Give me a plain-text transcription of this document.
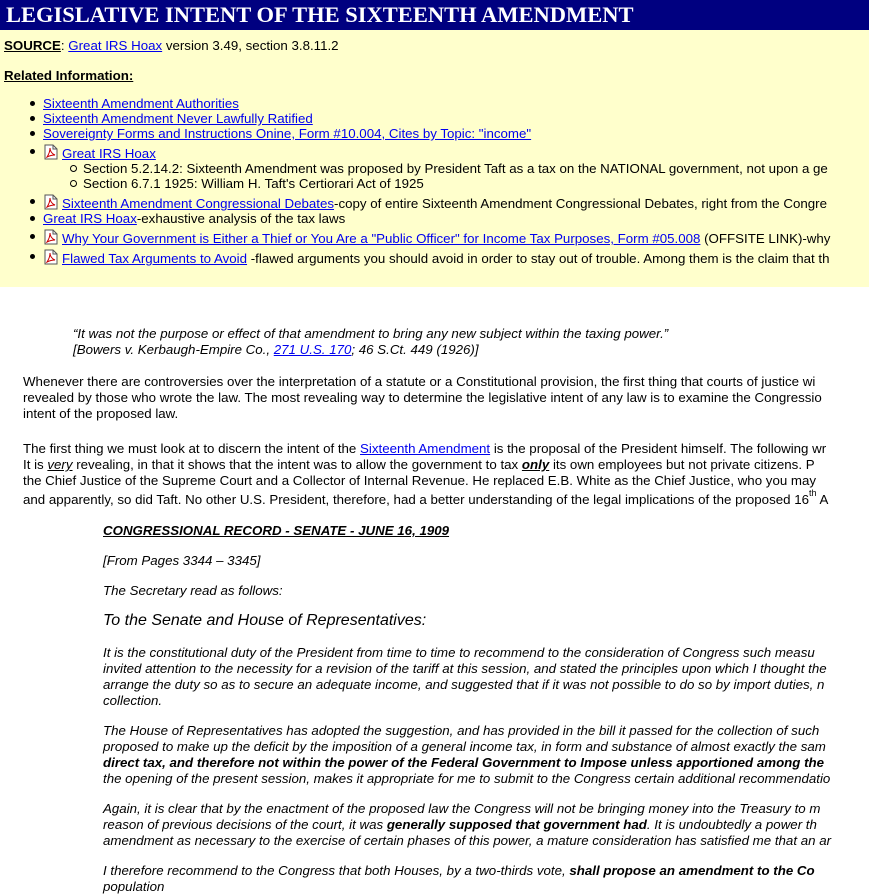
LEGISLATIVE INTENT OF THE SIXTEENTH AMENDMENT
SOURCE: Great IRS Hoax version 3.49, section 3.8.11.2
Related Information:
Sixteenth Amendment Authorities
Sixteenth Amendment Never Lawfully Ratified
Sovereignty Forms and Instructions Onine, Form #10.004, Cites by Topic: "income"
Great IRS Hoax
Section 5.2.14.2: Sixteenth Amendment was proposed by President Taft as a tax on the NATIONAL government, not upon a ge
Section 6.7.1 1925: William H. Taft's Certiorari Act of 1925
Sixteenth Amendment Congressional Debates-copy of entire Sixteenth Amendment Congressional Debates, right from the Congre
Great IRS Hoax-exhaustive analysis of the tax laws
Why Your Government is Either a Thief or You Are a "Public Officer" for Income Tax Purposes, Form #05.008 (OFFSITE LINK)-why
Flawed Tax Arguments to Avoid -flawed arguments you should avoid in order to stay out of trouble. Among them is the claim that th
“It was not the purpose or effect of that amendment to bring any new subject within the taxing power.”
[Bowers v. Kerbaugh-Empire Co., 271 U.S. 170; 46 S.Ct. 449 (1926)]
Whenever there are controversies over the interpretation of a statute or a Constitutional provision, the first thing that courts of justice wi
revealed by those who wrote the law. The most revealing way to determine the legislative intent of any law is to examine the Congressio
intent of the proposed law.
The first thing we must look at to discern the intent of the Sixteenth Amendment is the proposal of the President himself. The following wr
It is very revealing, in that it shows that the intent was to allow the government to tax only its own employees but not private citizens. P
the Chief Justice of the Supreme Court and a Collector of Internal Revenue. He replaced E.B. White as the Chief Justice, who you may
and apparently, so did Taft. No other U.S. President, therefore, had a better understanding of the legal implications of the proposed 16th A
CONGRESSIONAL RECORD - SENATE - JUNE 16, 1909
[From Pages 3344 – 3345]
The Secretary read as follows:
To the Senate and House of Representatives:
It is the constitutional duty of the President from time to time to recommend to the consideration of Congress such measu
invited attention to the necessity for a revision of the tariff at this session, and stated the principles upon which I thought the
arrange the duty so as to secure an adequate income, and suggested that if it was not possible to do so by import duties, n
collection.
The House of Representatives has adopted the suggestion, and has provided in the bill it passed for the collection of such
proposed to make up the deficit by the imposition of a general income tax, in form and substance of almost exactly the sam
direct tax, and therefore not within the power of the Federal Government to Impose unless apportioned among the
the opening of the present session, makes it appropriate for me to submit to the Congress certain additional recommendatio
Again, it is clear that by the enactment of the proposed law the Congress will not be bringing money into the Treasury to m
reason of previous decisions of the court, it was generally supposed that government had. It is undoubtedly a power th
amendment as necessary to the exercise of certain phases of this power, a mature consideration has satisfied me that an ar
I therefore recommend to the Congress that both Houses, by a two-thirds vote, shall propose an amendment to the Co
population
